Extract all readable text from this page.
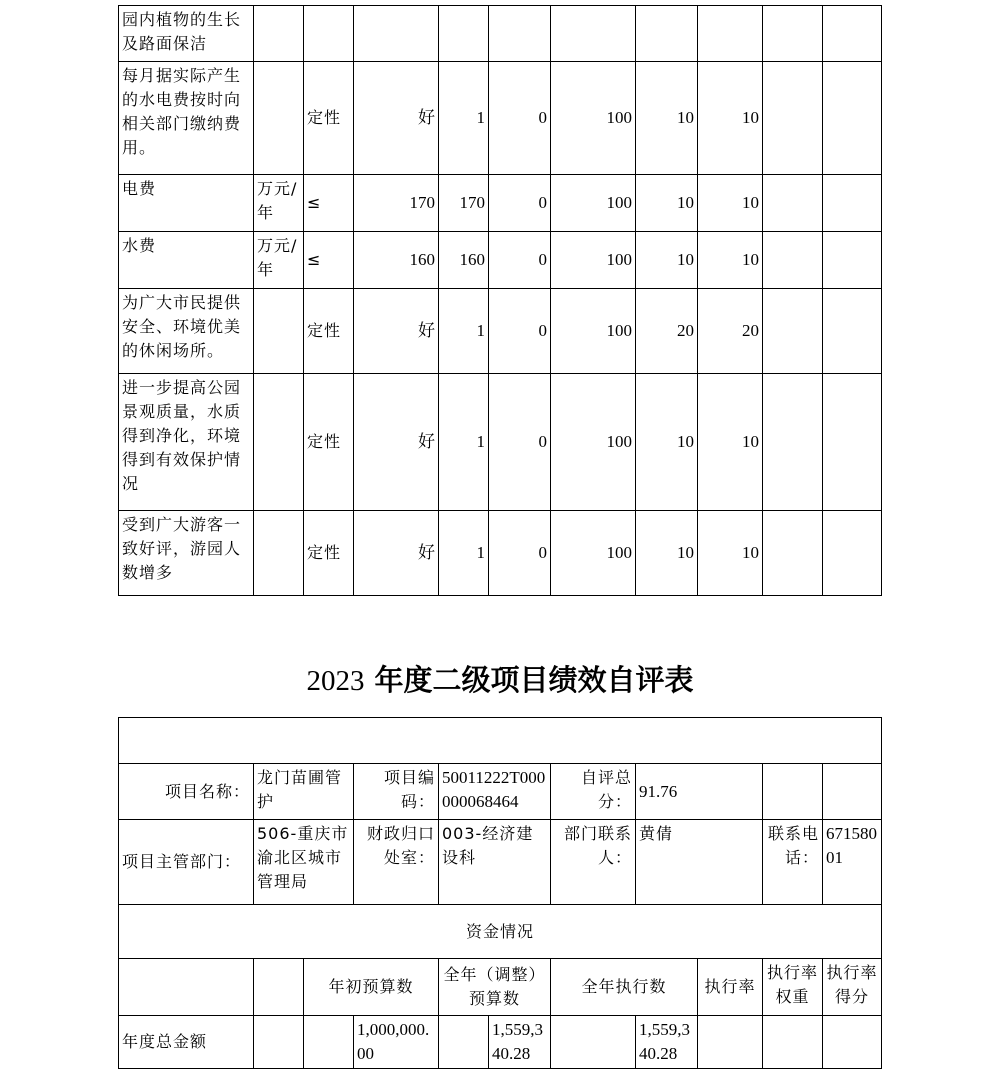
园内植物的生长及路面保洁										
每月据实际产生的水电费按时向相关部门缴纳费用。		定性	好	1	0	100	10	10		
电费	万元/年	≤	170	170	0	100	10	10		
水费	万元/年	≤	160	160	0	100	10	10		
为广大市民提供安全、环境优美的休闲场所。		定性	好	1	0	100	20	20		
进一步提高公园景观质量，水质得到净化，环境得到有效保护情况		定性	好	1	0	100	10	10		
受到广大游客一致好评，游园人数增多		定性	好	1	0	100	10	10		
2023 年度二级项目绩效自评表

项目名称：	龙门苗圃管护		项目编码：	50011222T000000068464		自评总分：	91.76			
项目主管部门：	506-重庆市渝北区城市管理局		财政归口处室：	003-经济建设科		部门联系人：	黄倩		联系电话：	67158001
资金情况										
		年初预算数		全年（调整）预算数		全年执行数		执行率	执行率权重	执行率得分
年度总金额			1,000,000.00		1,559,340.28		1,559,340.28			
